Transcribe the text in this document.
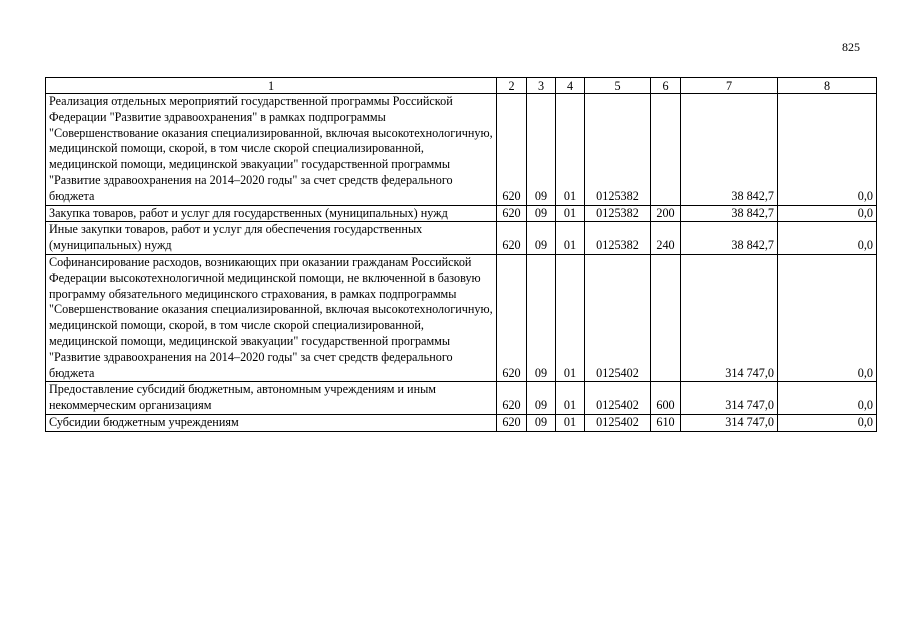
825
1	2	3	4	5	6	7	8
Реализация отдельных мероприятий государственной программы Российской Федерации "Развитие здравоохранения" в рамках подпрограммы "Совершенствование оказания специализированной, включая высокотехнологичную, медицинской помощи, скорой, в том числе скорой специализированной, медицинской помощи, медицинской эвакуации" государственной программы "Развитие здравоохранения на 2014–2020 годы" за счет средств федерального бюджета	620	09	01	0125382		38 842,7	0,0
Закупка товаров, работ и услуг для государственных (муниципальных) нужд	620	09	01	0125382	200	38 842,7	0,0
Иные закупки товаров, работ и услуг для обеспечения государственных (муниципальных) нужд	620	09	01	0125382	240	38 842,7	0,0
Софинансирование расходов, возникающих при оказании гражданам Российской Федерации высокотехнологичной медицинской помощи, не включенной в базовую программу обязательного медицинского страхования, в рамках подпрограммы "Совершенствование оказания специализированной, включая высокотехнологичную, медицинской помощи, скорой, в том числе скорой специализированной, медицинской помощи, медицинской эвакуации" государственной программы "Развитие здравоохранения на 2014–2020 годы" за счет средств федерального бюджета	620	09	01	0125402		314 747,0	0,0
Предоставление субсидий бюджетным, автономным учреждениям и иным некоммерческим организациям	620	09	01	0125402	600	314 747,0	0,0
Субсидии бюджетным учреждениям	620	09	01	0125402	610	314 747,0	0,0
